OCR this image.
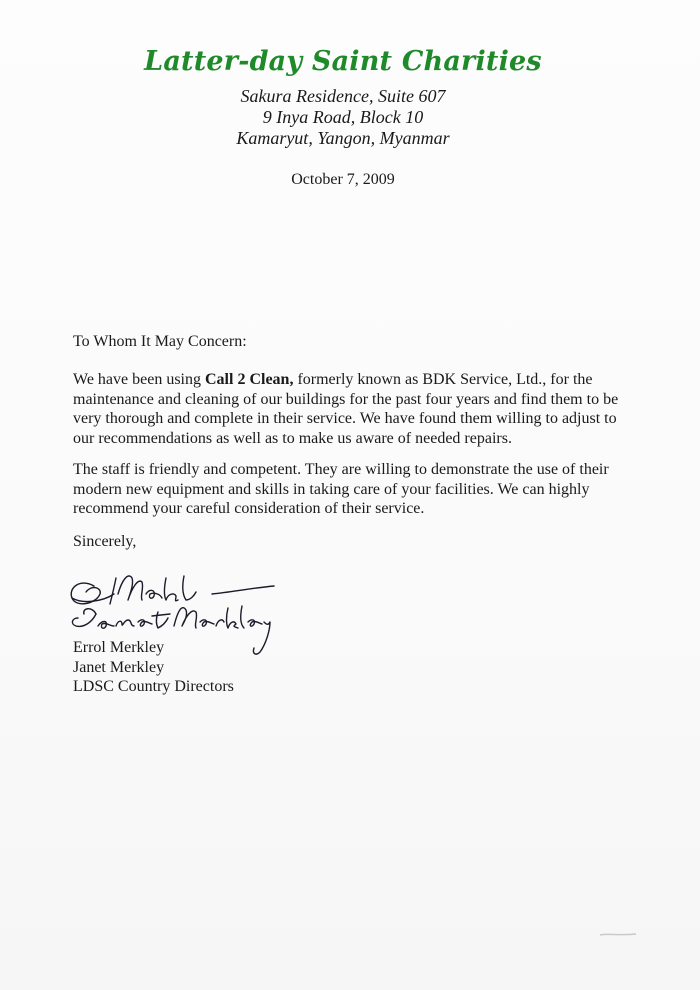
Latter-day Saint Charities
Sakura Residence, Suite 607
9 Inya Road, Block 10
Kamaryut, Yangon, Myanmar
October 7, 2009
To Whom It May Concern:

We have been using Call 2 Clean, formerly known as BDK Service, Ltd., for the maintenance and cleaning of our buildings for the past four years and find them to be very thorough and complete in their service. We have found them willing to adjust to our recommendations as well as to make us aware of needed repairs.

The staff is friendly and competent. They are willing to demonstrate the use of their modern new equipment and skills in taking care of your facilities. We can highly recommend your careful consideration of their service.

Sincerely,
Errol Merkley
Janet Merkley
LDSC Country Directors
